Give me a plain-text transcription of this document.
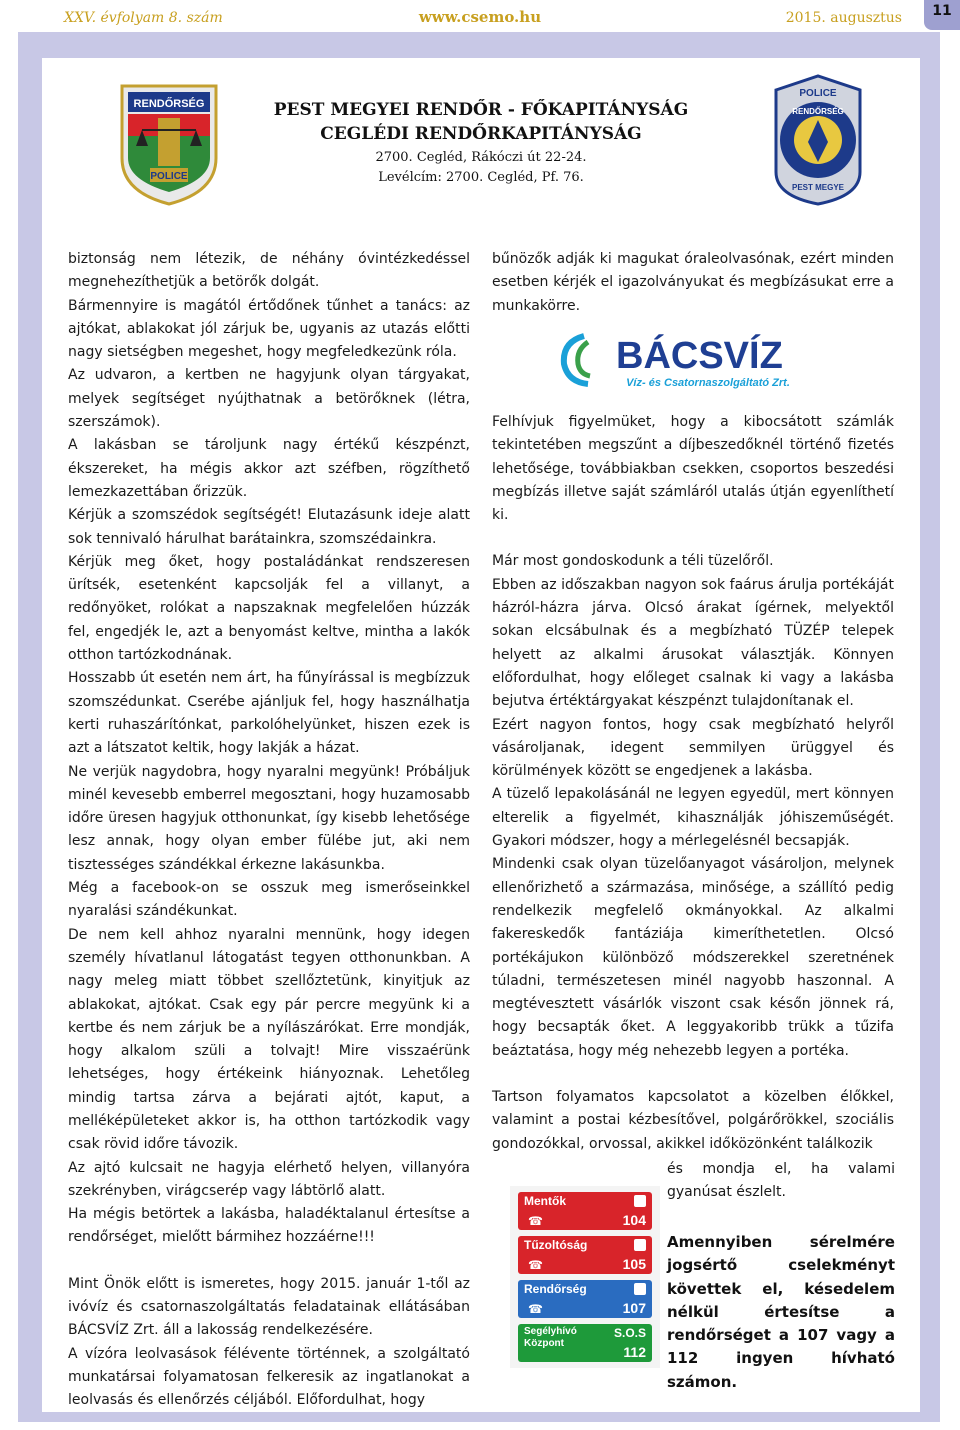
XXV. évfolyam 8. szám	www.csemo.hu	2015. augusztus	11
RENDŐRSÉG
POLICE
PEST MEGYEI RENDŐR - FŐKAPITÁNYSÁG
CEGLÉDI RENDŐRKAPITÁNYSÁG
2700. Cegléd, Rákóczi út 22-24.
Levélcím: 2700. Cegléd, Pf. 76.
POLICE
RENDŐRSÉG
PEST MEGYE

biztonság nem létezik, de néhány óvintézkedéssel megnehezíthetjük a betörők dolgát.

Bármennyire is magától értődőnek tűnhet a tanács: az ajtókat, ablakokat jól zárjuk be, ugyanis az utazás előtti nagy sietségben megeshet, hogy megfeledkezünk róla.

Az udvaron, a kertben ne hagyjunk olyan tárgyakat, melyek segítséget nyújthatnak a betörőknek (létra, szerszámok).

A lakásban se tároljunk nagy értékű készpénzt, ékszereket, ha mégis akkor azt széfben, rögzíthető lemezkazettában őrizzük.

Kérjük a szomszédok segítségét! Elutazásunk ideje alatt sok tennivaló hárulhat barátainkra, szomszédainkra.

Kérjük meg őket, hogy postaládánkat rendszeresen ürítsék, esetenként kapcsolják fel a villanyt, a redőnyöket, rolókat a napszaknak megfelelően húzzák fel, engedjék le, azt a benyomást keltve, mintha a lakók otthon tartózkodnának.

Hosszabb út esetén nem árt, ha fűnyírással is megbízzuk szomszédunkat. Cserébe ajánljuk fel, hogy használhatja kerti ruhaszárítónkat, parkolóhelyünket, hiszen ezek is azt a látszatot keltik, hogy lakják a házat.

Ne verjük nagydobra, hogy nyaralni megyünk! Próbáljuk minél kevesebb emberrel megosztani, hogy huzamosabb időre üresen hagyjuk otthonunkat, így kisebb lehetősége lesz annak, hogy olyan ember fülébe jut, aki nem tisztességes szándékkal érkezne lakásunkba.

Még a facebook-on se osszuk meg ismerőseinkkel nyaralási szándékunkat.

De nem kell ahhoz nyaralni mennünk, hogy idegen személy hívatlanul látogatást tegyen otthonunkban. A nagy meleg miatt többet szellőztetünk, kinyitjuk az ablakokat, ajtókat. Csak egy pár percre megyünk ki a kertbe és nem zárjuk be a nyílászárókat. Erre mondják, hogy alkalom szüli a tolvajt! Mire visszaérünk lehetséges, hogy értékeink hiányoznak. Lehetőleg mindig tartsa zárva a bejárati ajtót, kaput, a melléképületeket akkor is, ha otthon tartózkodik vagy csak rövid időre távozik.

Az ajtó kulcsait ne hagyja elérhető helyen, villanyóra szekrényben, virágcserép vagy lábtörlő alatt.

Ha mégis betörtek a lakásba, haladéktalanul értesítse a rendőrséget, mielőtt bármihez hozzáérne!!!

Mint Önök előtt is ismeretes, hogy 2015. január 1-től az ivóvíz és csatornaszolgáltatás feladatainak ellátásában BÁCSVÍZ Zrt. áll a lakosság rendelkezésére.

A vízóra leolvasások félévente történnek, a szolgáltató munkatársai folyamatosan felkeresik az ingatlanokat a leolvasás és ellenőrzés céljából. Előfordulhat, hogy

bűnözők adják ki magukat óraleolvasónak, ezért minden esetben kérjék el igazolványukat és megbízásukat erre a munkakörre.

BÁCSVÍZ
Víz- és Csatornaszolgáltató Zrt.

Felhívjuk figyelmüket, hogy a kibocsátott számlák tekintetében megszűnt a díjbeszedőknél történő fizetés lehetősége, továbbiakban csekken, csoportos beszedési megbízás illetve saját számláról utalás útján egyenlíthetí ki.

Már most gondoskodunk a téli tüzelőről.

Ebben az időszakban nagyon sok faárus árulja portékáját házról-házra járva. Olcsó árakat ígérnek, melyektől sokan elcsábulnak és a megbízható TÜZÉP telepek helyett az alkalmi árusokat választják. Könnyen előfordulhat, hogy előleget csalnak ki vagy a lakásba bejutva értéktárgyakat készpénzt tulajdonítanak el.

Ezért nagyon fontos, hogy csak megbízható helyről vásároljanak, idegent semmilyen ürüggyel és körülmények között se engedjenek a lakásba.

A tüzelő lepakolásánál ne legyen egyedül, mert könnyen elterelik a figyelmét, kihasználják jóhiszeműségét. Gyakori módszer, hogy a mérlegelésnél becsapják.

Mindenki csak olyan tüzelőanyagot vásároljon, melynek ellenőrizhető a származása, minősége, a szállító pedig rendelkezik megfelelő okmányokkal. Az alkalmi fakereskedők fantáziája kimeríthetetlen. Olcsó portékájukon különböző módszerekkel szeretnének túladni, természetesen minél nagyobb haszonnal. A megtévesztett vásárlók viszont csak későn jönnek rá, hogy becsapták őket. A leggyakoribb trükk a tűzifa beáztatása, hogy még nehezebb legyen a portéka.

Tartson folyamatos kapcsolatot a közelben élőkkel, valamint a postai kézbesítővel, polgárőrökkel, szociális gondozókkal, orvossal, akikkel időközönként találkozik

és mondja el, ha valami gyanúsat észlelt.

Mentők
☎	104
Tűzoltóság
☎	105
Rendőrség
☎	107
Segélyhívó Központ
S.O.S
112
Amennyiben sérelmére jogsértő cselekményt követtek el, késedelem nélkül értesítse a rendőrséget a 107 vagy a 112 ingyen hívható számon.
